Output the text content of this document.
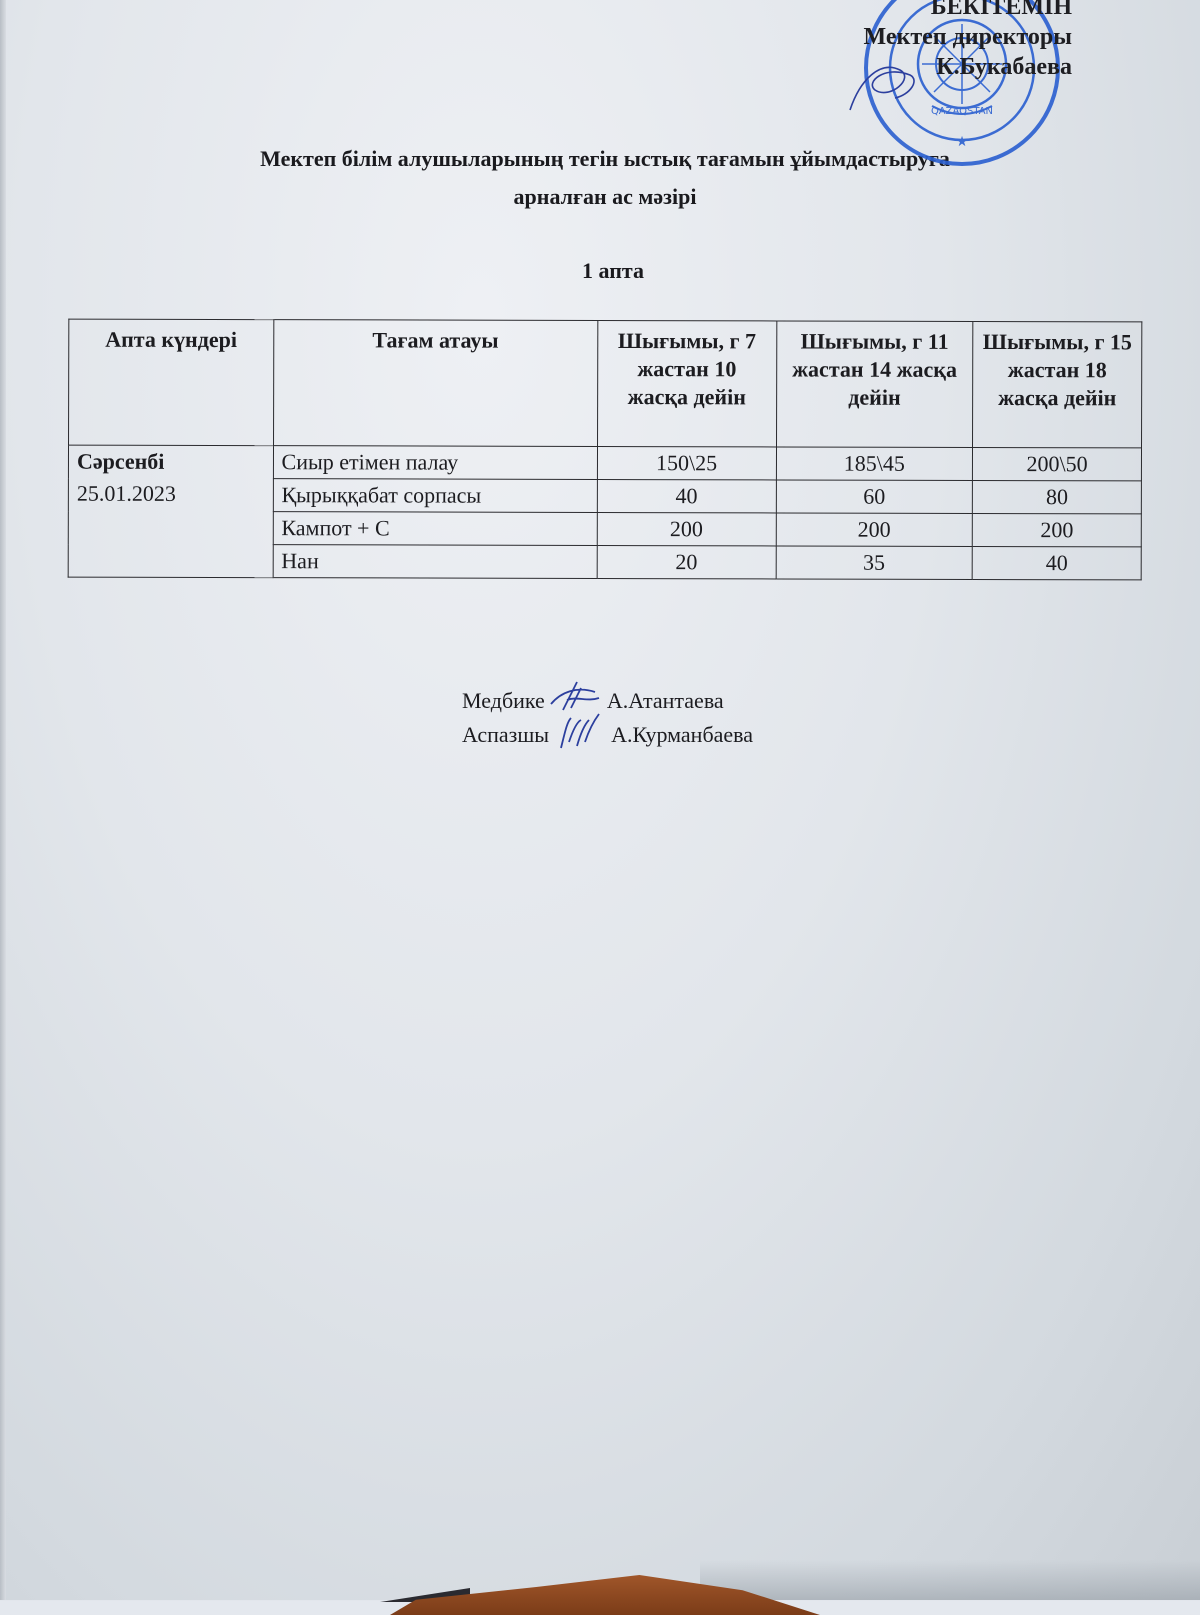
QAZAQSTAN
★
БЕКІТЕМІН
Мектеп директоры
К.Букабаева
Мектеп білім алушыларының тегін ыстық тағамын ұйымдастыруға
арналған ас мәзірі
1 апта
Апта күндері	Тағам атауы	Шығымы, г 7 жастан 10 жасқа дейін	Шығымы, г 11 жастан 14 жасқа дейін	Шығымы, г 15 жастан 18 жасқа дейін

Сәрсенбі
25.01.2023	Сиыр етімен палау	150\25	185\45	200\50
	Қырыққабат сорпасы	40	60	80
	Кампот + С	200	200	200
	Нан	20	35	40
Медбике	А.Атантаева
Аспазшы	А.Курманбаева
